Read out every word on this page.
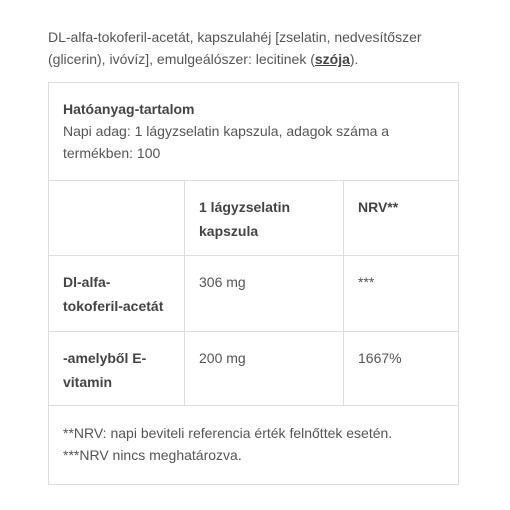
DL-alfa-tokoferil-acetát, kapszulahéj [zselatin, nedvesítőszer (glicerin), ivóvíz], emulgeálószer: lecitinek (szója).
Hatóanyag-tartalom
Napi adag: 1 lágyzselatin kapszula, adagok száma a termékben: 100
1 lágyzselatin kapszula
NRV**
Dl-alfa-tokoferil-acetát
306 mg	***
-amelyből E-vitamin
200 mg	1667%
**NRV: napi beviteli referencia érték felnőttek esetén.
***NRV nincs meghatározva.
